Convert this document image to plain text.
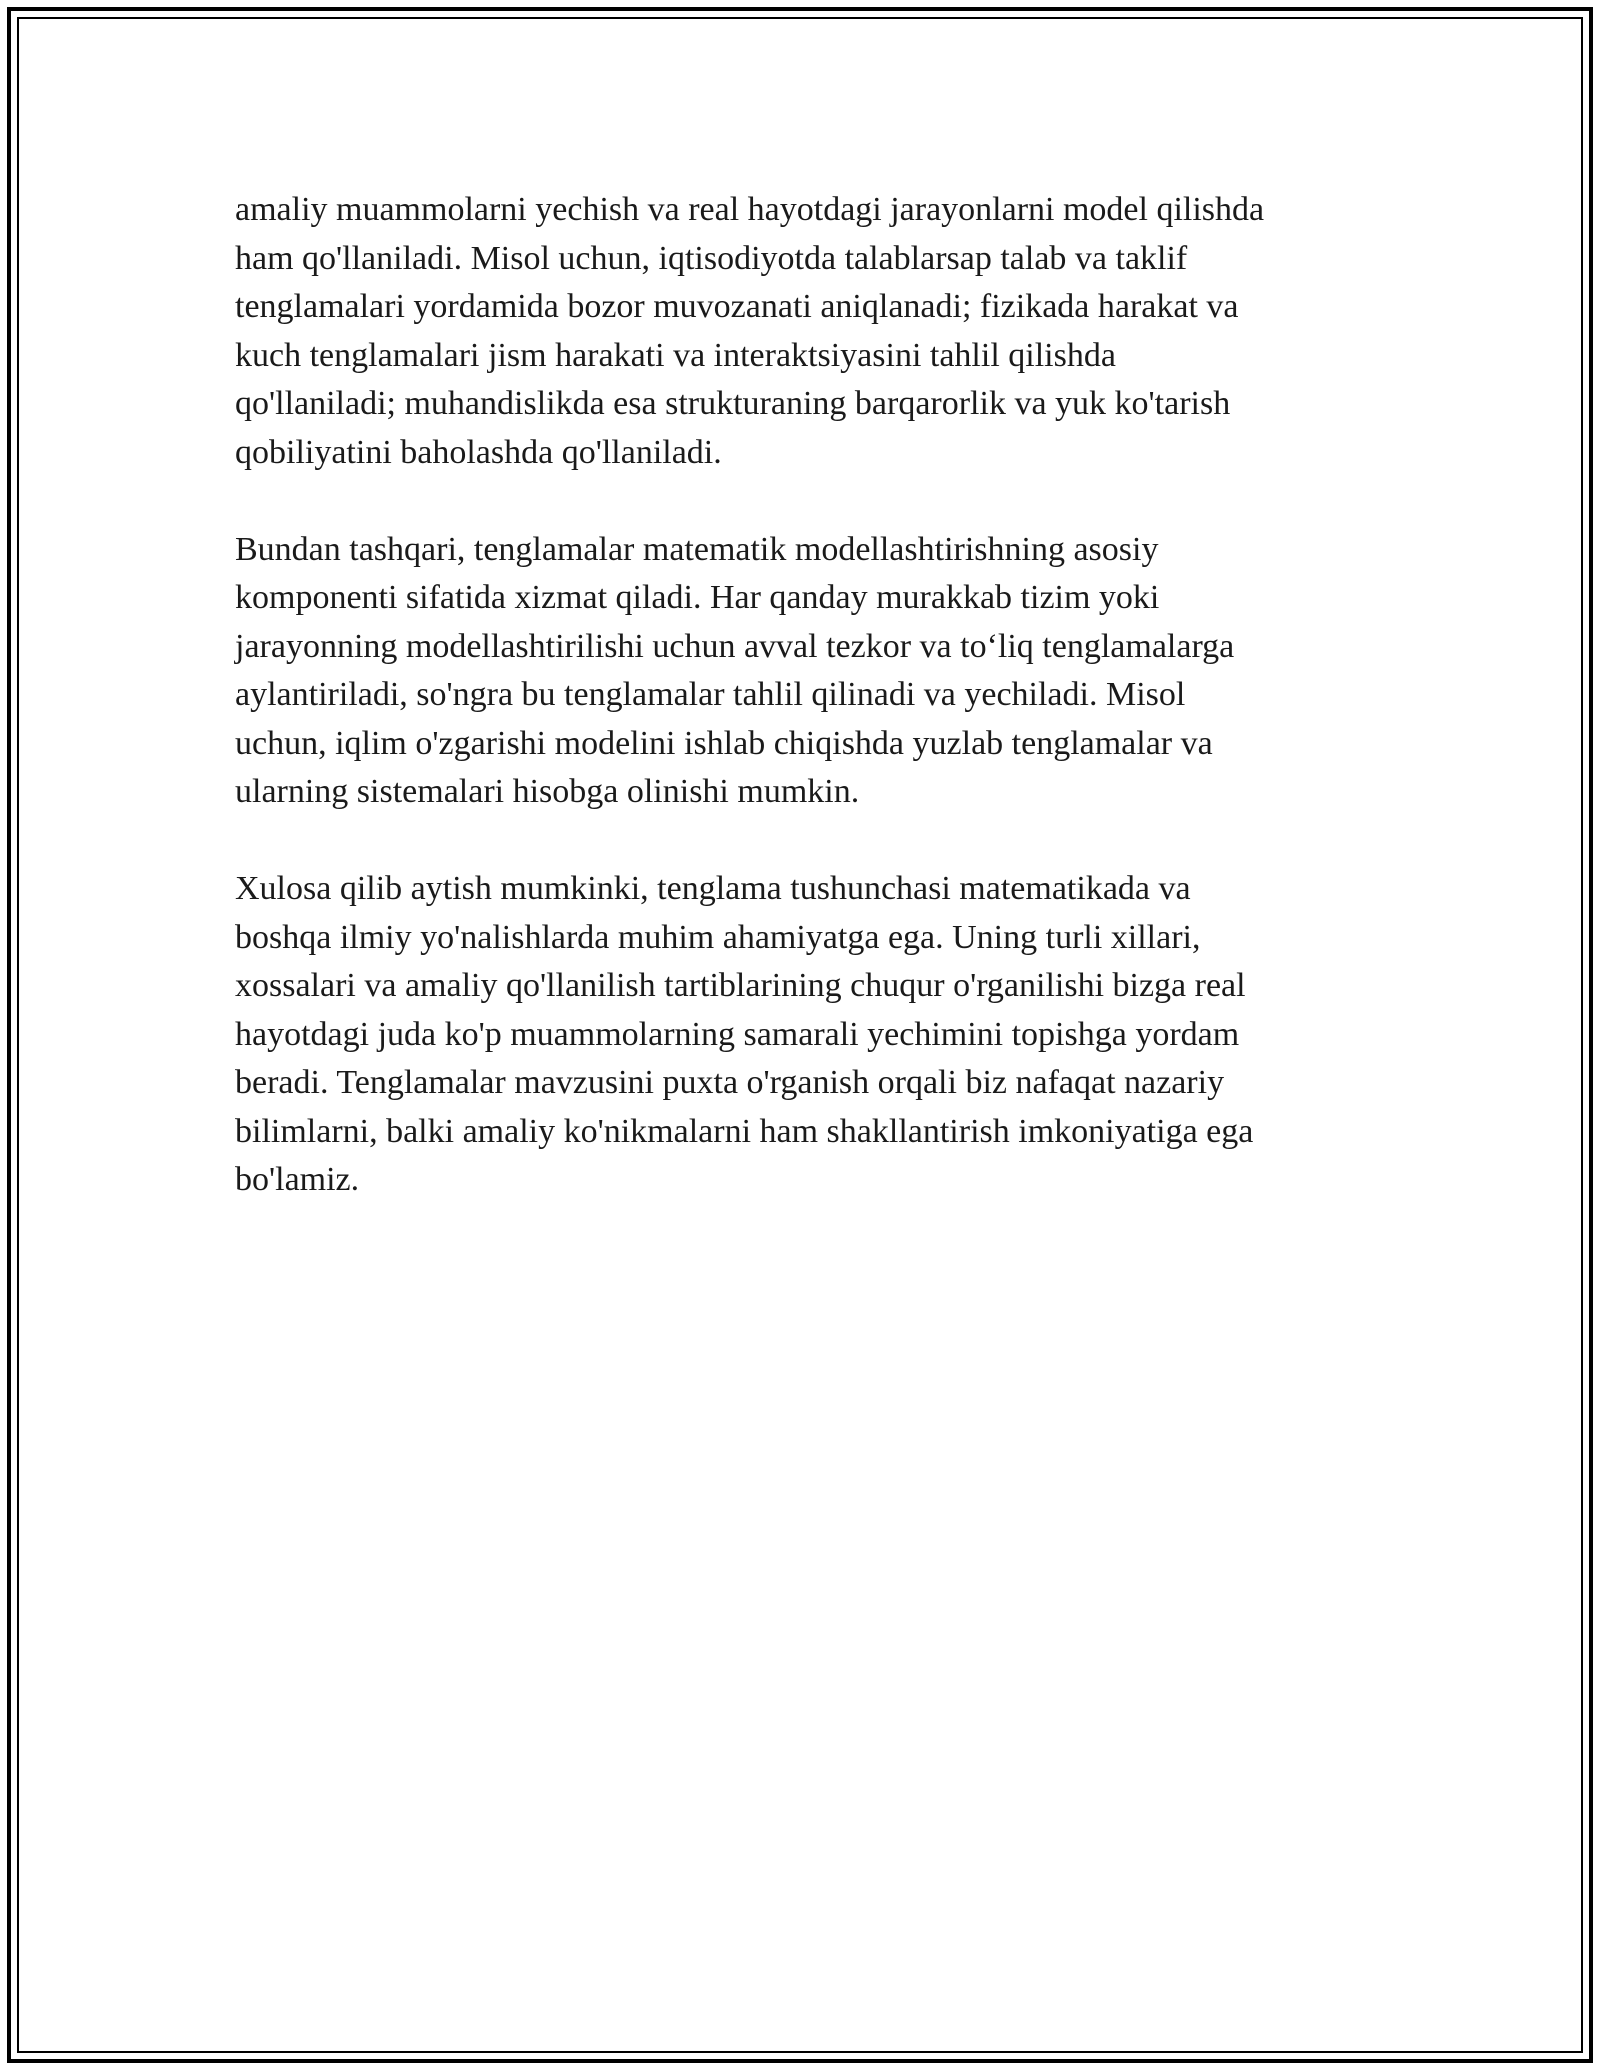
amaliy muammolarni yechish va real hayotdagi jarayonlarni model qilishda
ham qo'llaniladi. Misol uchun, iqtisodiyotda talablarsap talab va taklif
tenglamalari yordamida bozor muvozanati aniqlanadi; fizikada harakat va
kuch tenglamalari jism harakati va interaktsiyasini tahlil qilishda
qo'llaniladi; muhandislikda esa strukturaning barqarorlik va yuk ko'tarish
qobiliyatini baholashda qo'llaniladi.

Bundan tashqari, tenglamalar matematik modellashtirishning asosiy
komponenti sifatida xizmat qiladi. Har qanday murakkab tizim yoki
jarayonning modellashtirilishi uchun avval tezkor va to‘liq tenglamalarga
aylantiriladi, so'ngra bu tenglamalar tahlil qilinadi va yechiladi. Misol
uchun, iqlim o'zgarishi modelini ishlab chiqishda yuzlab tenglamalar va
ularning sistemalari hisobga olinishi mumkin.

Xulosa qilib aytish mumkinki, tenglama tushunchasi matematikada va
boshqa ilmiy yo'nalishlarda muhim ahamiyatga ega. Uning turli xillari,
xossalari va amaliy qo'llanilish tartiblarining chuqur o'rganilishi bizga real
hayotdagi juda ko'p muammolarning samarali yechimini topishga yordam
beradi. Tenglamalar mavzusini puxta o'rganish orqali biz nafaqat nazariy
bilimlarni, balki amaliy ko'nikmalarni ham shakllantirish imkoniyatiga ega
bo'lamiz.
